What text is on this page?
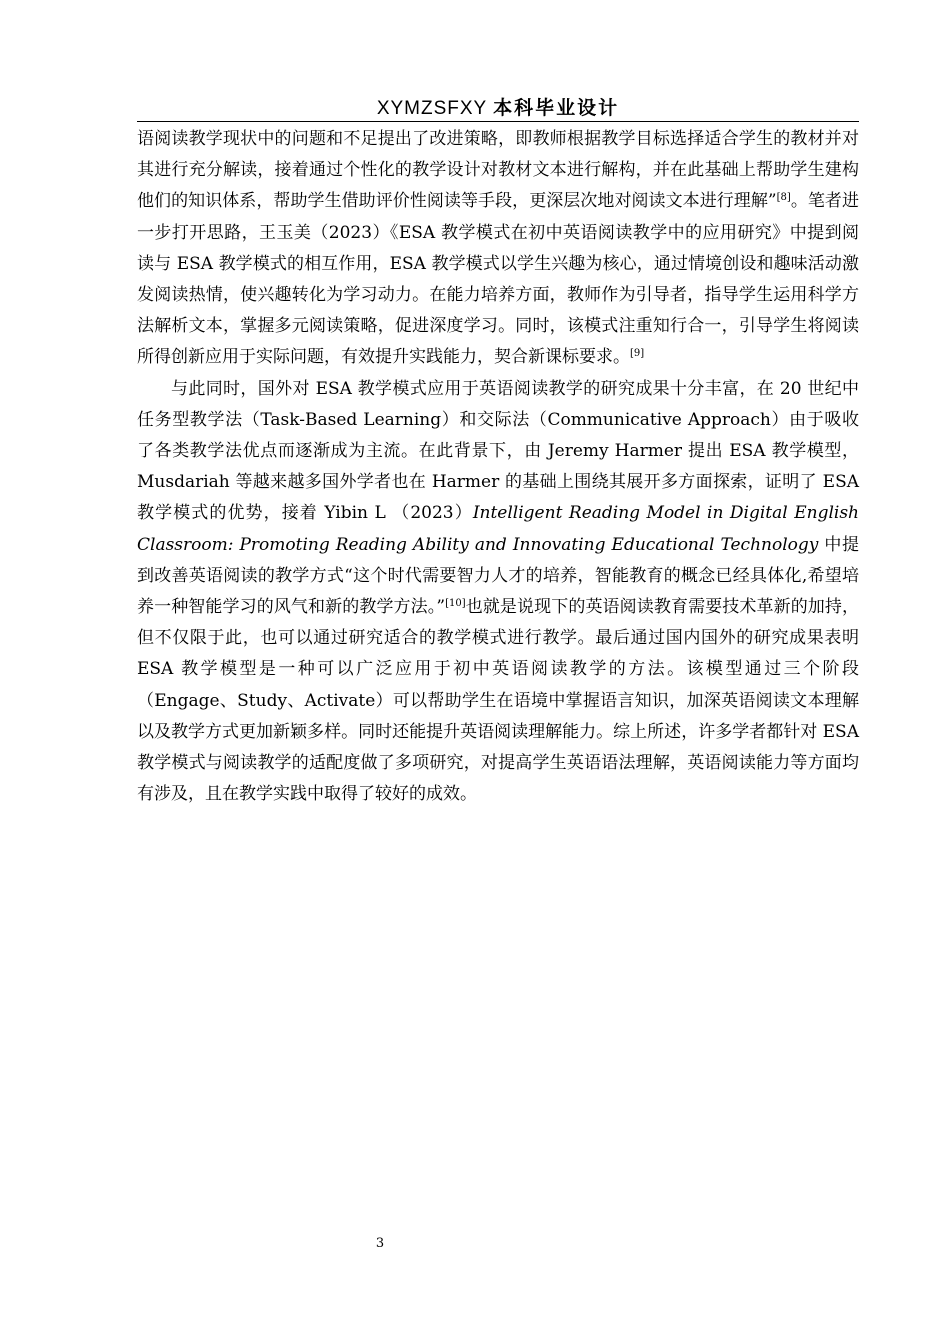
XYMZSFXY 本科毕业设计

语阅读教学现状中的问题和不足提出了改进策略，即教师根据教学目标选择适合学生的教材并对其进行充分解读，接着通过个性化的教学设计对教材文本进行解构，并在此基础上帮助学生建构他们的知识体系，帮助学生借助评价性阅读等手段，更深层次地对阅读文本进行理解”[8]。笔者进一步打开思路，王玉美（2023）《ESA 教学模式在初中英语阅读教学中的应用研究》中提到阅读与 ESA 教学模式的相互作用，ESA 教学模式以学生兴趣为核心，通过情境创设和趣味活动激发阅读热情，使兴趣转化为学习动力。在能力培养方面，教师作为引导者，指导学生运用科学方法解析文本，掌握多元阅读策略，促进深度学习。同时，该模式注重知行合一，引导学生将阅读所得创新应用于实际问题，有效提升实践能力，契合新课标要求。[9]

与此同时，国外对 ESA 教学模式应用于英语阅读教学的研究成果十分丰富，在 20 世纪中任务型教学法（Task-Based Learning）和交际法（Communicative Approach）由于吸收了各类教学法优点而逐渐成为主流。在此背景下，由 Jeremy Harmer 提出 ESA 教学模型，Musdariah 等越来越多国外学者也在 Harmer 的基础上围绕其展开多方面探索，证明了 ESA 教学模式的优势，接着 Yibin L （2023）Intelligent Reading Model in Digital English Classroom: Promoting Reading Ability and Innovating Educational Technology 中提到改善英语阅读的教学方式“这个时代需要智力人才的培养，智能教育的概念已经具体化,希望培养一种智能学习的风气和新的教学方法。”[10]也就是说现下的英语阅读教育需要技术革新的加持，但不仅限于此，也可以通过研究适合的教学模式进行教学。最后通过国内国外的研究成果表明 ESA 教学模型是一种可以广泛应用于初中英语阅读教学的方法。该模型通过三个阶段（Engage、Study、Activate）可以帮助学生在语境中掌握语言知识，加深英语阅读文本理解以及教学方式更加新颖多样。同时还能提升英语阅读理解能力。综上所述，许多学者都针对 ESA 教学模式与阅读教学的适配度做了多项研究，对提高学生英语语法理解，英语阅读能力等方面均有涉及，且在教学实践中取得了较好的成效。

3
